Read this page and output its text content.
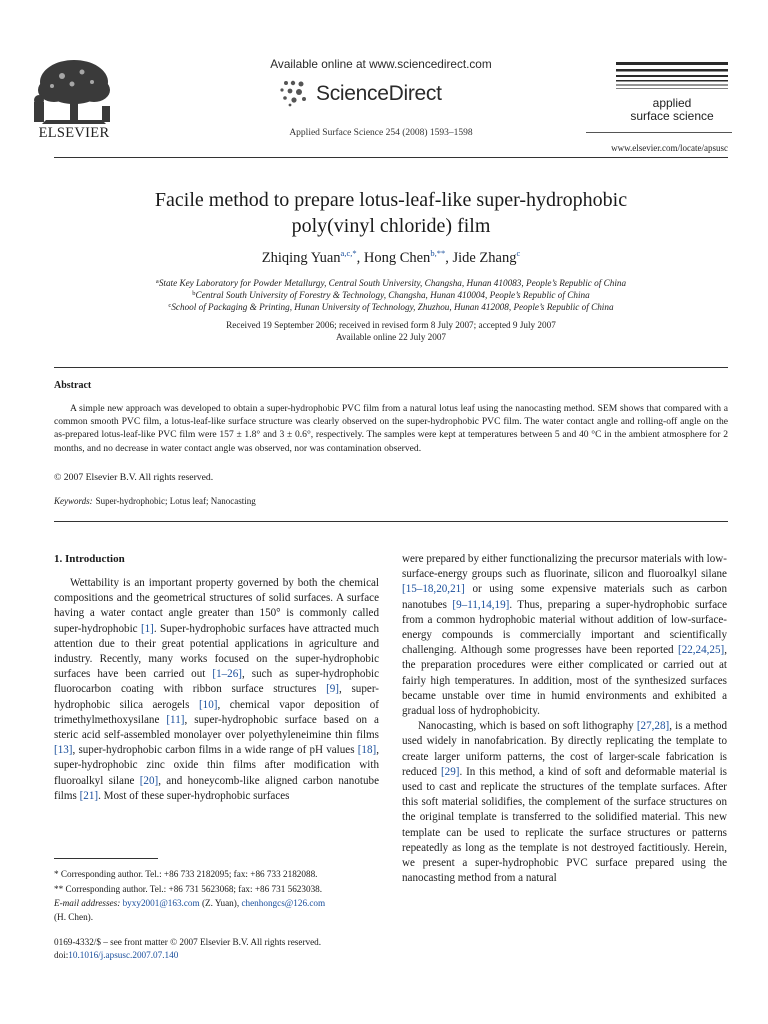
ELSEVIER
Available online at www.sciencedirect.com
ScienceDirect
Applied Surface Science 254 (2008) 1593–1598
applied
surface science
www.elsevier.com/locate/apsusc
Facile method to prepare lotus-leaf-like super-hydrophobic
poly(vinyl chloride) film
Zhiqing Yuan$^{a,c,*}$, Hong Chen$^{b,**}$, Jide Zhang$^c$
$^a$State Key Laboratory for Powder Metallurgy, Central South University, Changsha, Hunan 410083, People’s Republic of China
$^b$Central South University of Forestry & Technology, Changsha, Hunan 410004, People’s Republic of China
$^c$School of Packaging & Printing, Hunan University of Technology, Zhuzhou, Hunan 412008, People’s Republic of China
Received 19 September 2006; received in revised form 8 July 2007; accepted 9 July 2007
Available online 22 July 2007
Abstract
A simple new approach was developed to obtain a super-hydrophobic PVC film from a natural lotus leaf using the nanocasting method. SEM shows that compared with a common smooth PVC film, a lotus-leaf-like surface structure was clearly observed on the super-hydrophobic PVC film. The water contact angle and rolling-off angle on the as-prepared lotus-leaf-like PVC film were 157 ± 1.8° and 3 ± 0.6°, respectively. The samples were kept at temperatures between 5 and 40 °C in the ambient atmosphere for 2 months, and no decrease in water contact angle was observed, nor was contamination observed.
© 2007 Elsevier B.V. All rights reserved.
Keywords: Super-hydrophobic; Lotus leaf; Nanocasting
1. Introduction

Wettability is an important property governed by both the chemical compositions and the geometrical structures of solid surfaces. A surface having a water contact angle greater than 150° is commonly called super-hydrophobic [1]. Super-hydrophobic surfaces have attracted much attention due to their great potential applications in agriculture and industry. Recently, many works focused on the super-hydrophobic surfaces have been carried out [1–26], such as super-hydrophobic fluorocarbon coating with ribbon surface structures [9], super-hydrophobic silica aerogels [10], chemical vapor deposition of trimethylmethoxysilane [11], super-hydrophobic surface based on a steric acid self-assembled monolayer over polyethyleneimine thin films [13], super-hydrophobic carbon films in a wide range of pH values [18], super-hydrophobic zinc oxide thin films after modification with fluoroalkyl silane [20], and honeycomb-like aligned carbon nanotube films [21]. Most of these super-hydrophobic surfaces

were prepared by either functionalizing the precursor materials with low-surface-energy groups such as fluorinate, silicon and fluoroalkyl silane [15–18,20,21] or using some expensive materials such as carbon nanotubes [9–11,14,19]. Thus, preparing a super-hydrophobic surface from a common hydrophobic material without addition of low-surface-energy compounds is commercially important and scientifically challenging. Although some progresses have been reported [22,24,25], the preparation procedures were either complicated or carried out at fairly high temperatures. In addition, most of the synthesized surfaces became unstable over time in humid environments and exhibited a gradual loss of hydrophobicity.

Nanocasting, which is based on soft lithography [27,28], is a method used widely in nanofabrication. By directly replicating the template to create larger uniform patterns, the cost of larger-scale fabrication is reduced [29]. In this method, a kind of soft and deformable material is used to cast and replicate the structures of the template surfaces. After this soft material solidifies, the complement of the surface structures on the original template is transferred to the solidified material. This new template can be used to replicate the surface structures or patterns repeatedly as long as the template is not destroyed factitiously. Herein, we present a super-hydrophobic PVC surface prepared using the nanocasting method from a natural

* Corresponding author. Tel.: +86 733 2182095; fax: +86 733 2182088.
** Corresponding author. Tel.: +86 731 5623068; fax: +86 731 5623038.
E-mail addresses: byxy2001@163.com (Z. Yuan), chenhongcs@126.com
(H. Chen).
0169-4332/$ – see front matter © 2007 Elsevier B.V. All rights reserved.
doi:10.1016/j.apsusc.2007.07.140
